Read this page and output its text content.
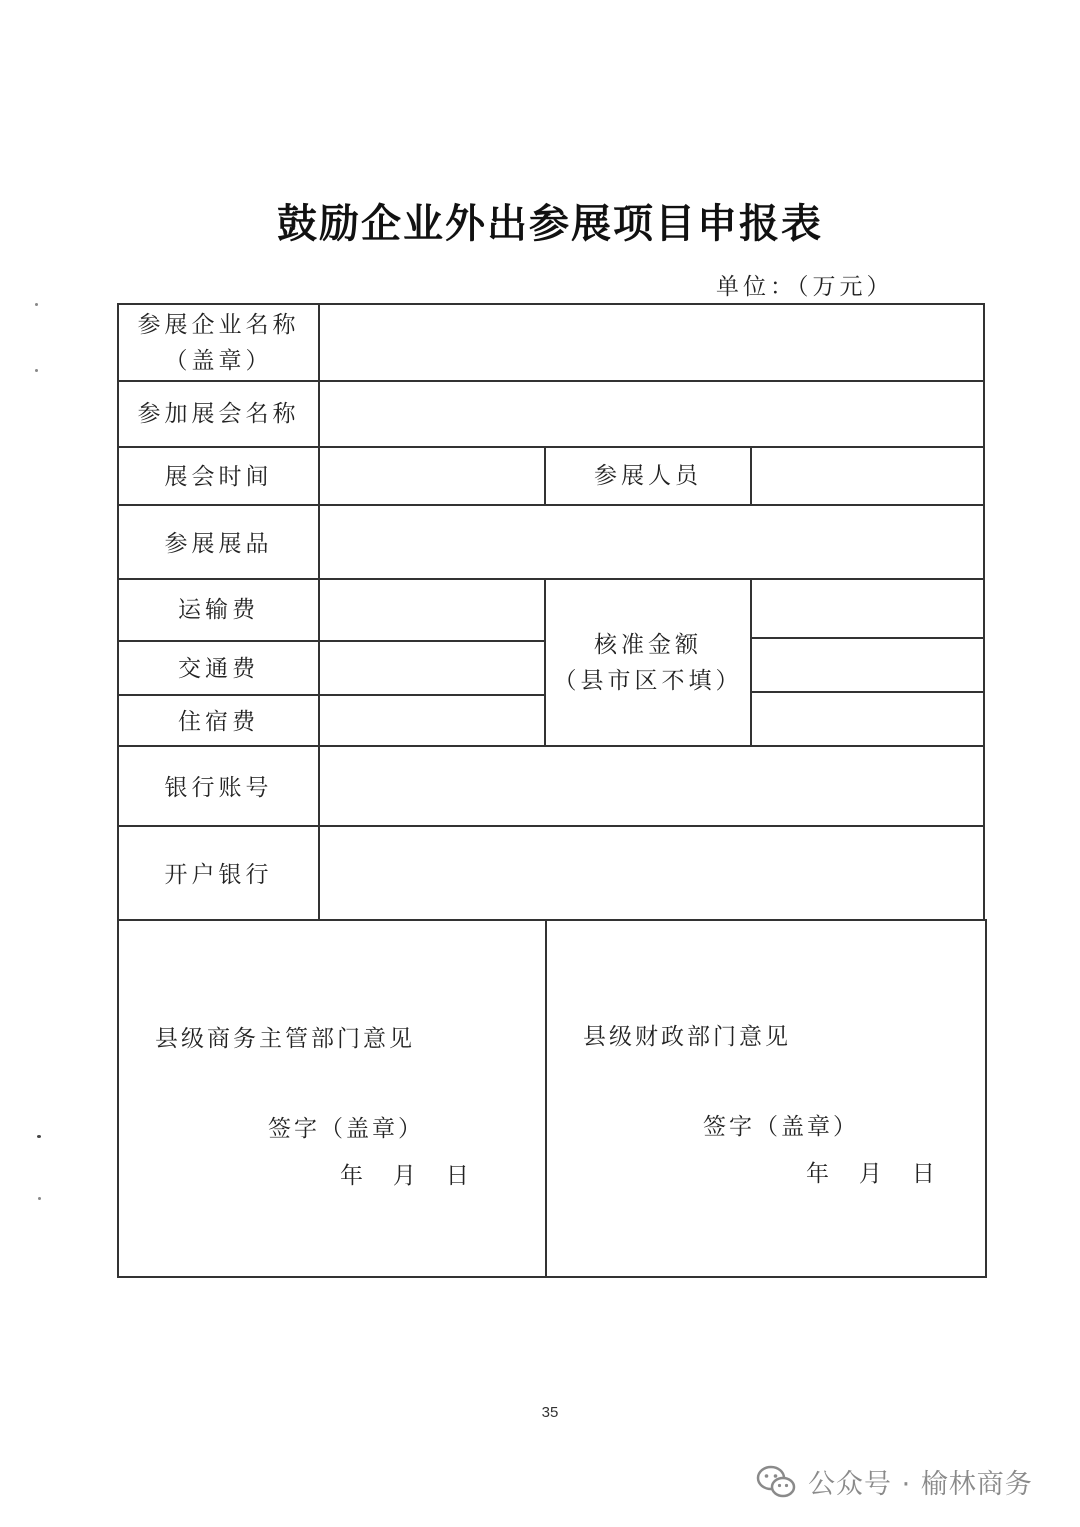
鼓励企业外出参展项目申报表
单位：（万元）
参展企业名称
（盖章）
参加展会名称
展会时间	参展人员
参展展品
运输费
交通费
住宿费
核准金额
（县市区不填）
银行账号
开户银行
县级商务主管部门意见
签字（盖章）
年   月   日
县级财政部门意见
签字（盖章）
年   月   日
35
公众号 · 榆林商务
